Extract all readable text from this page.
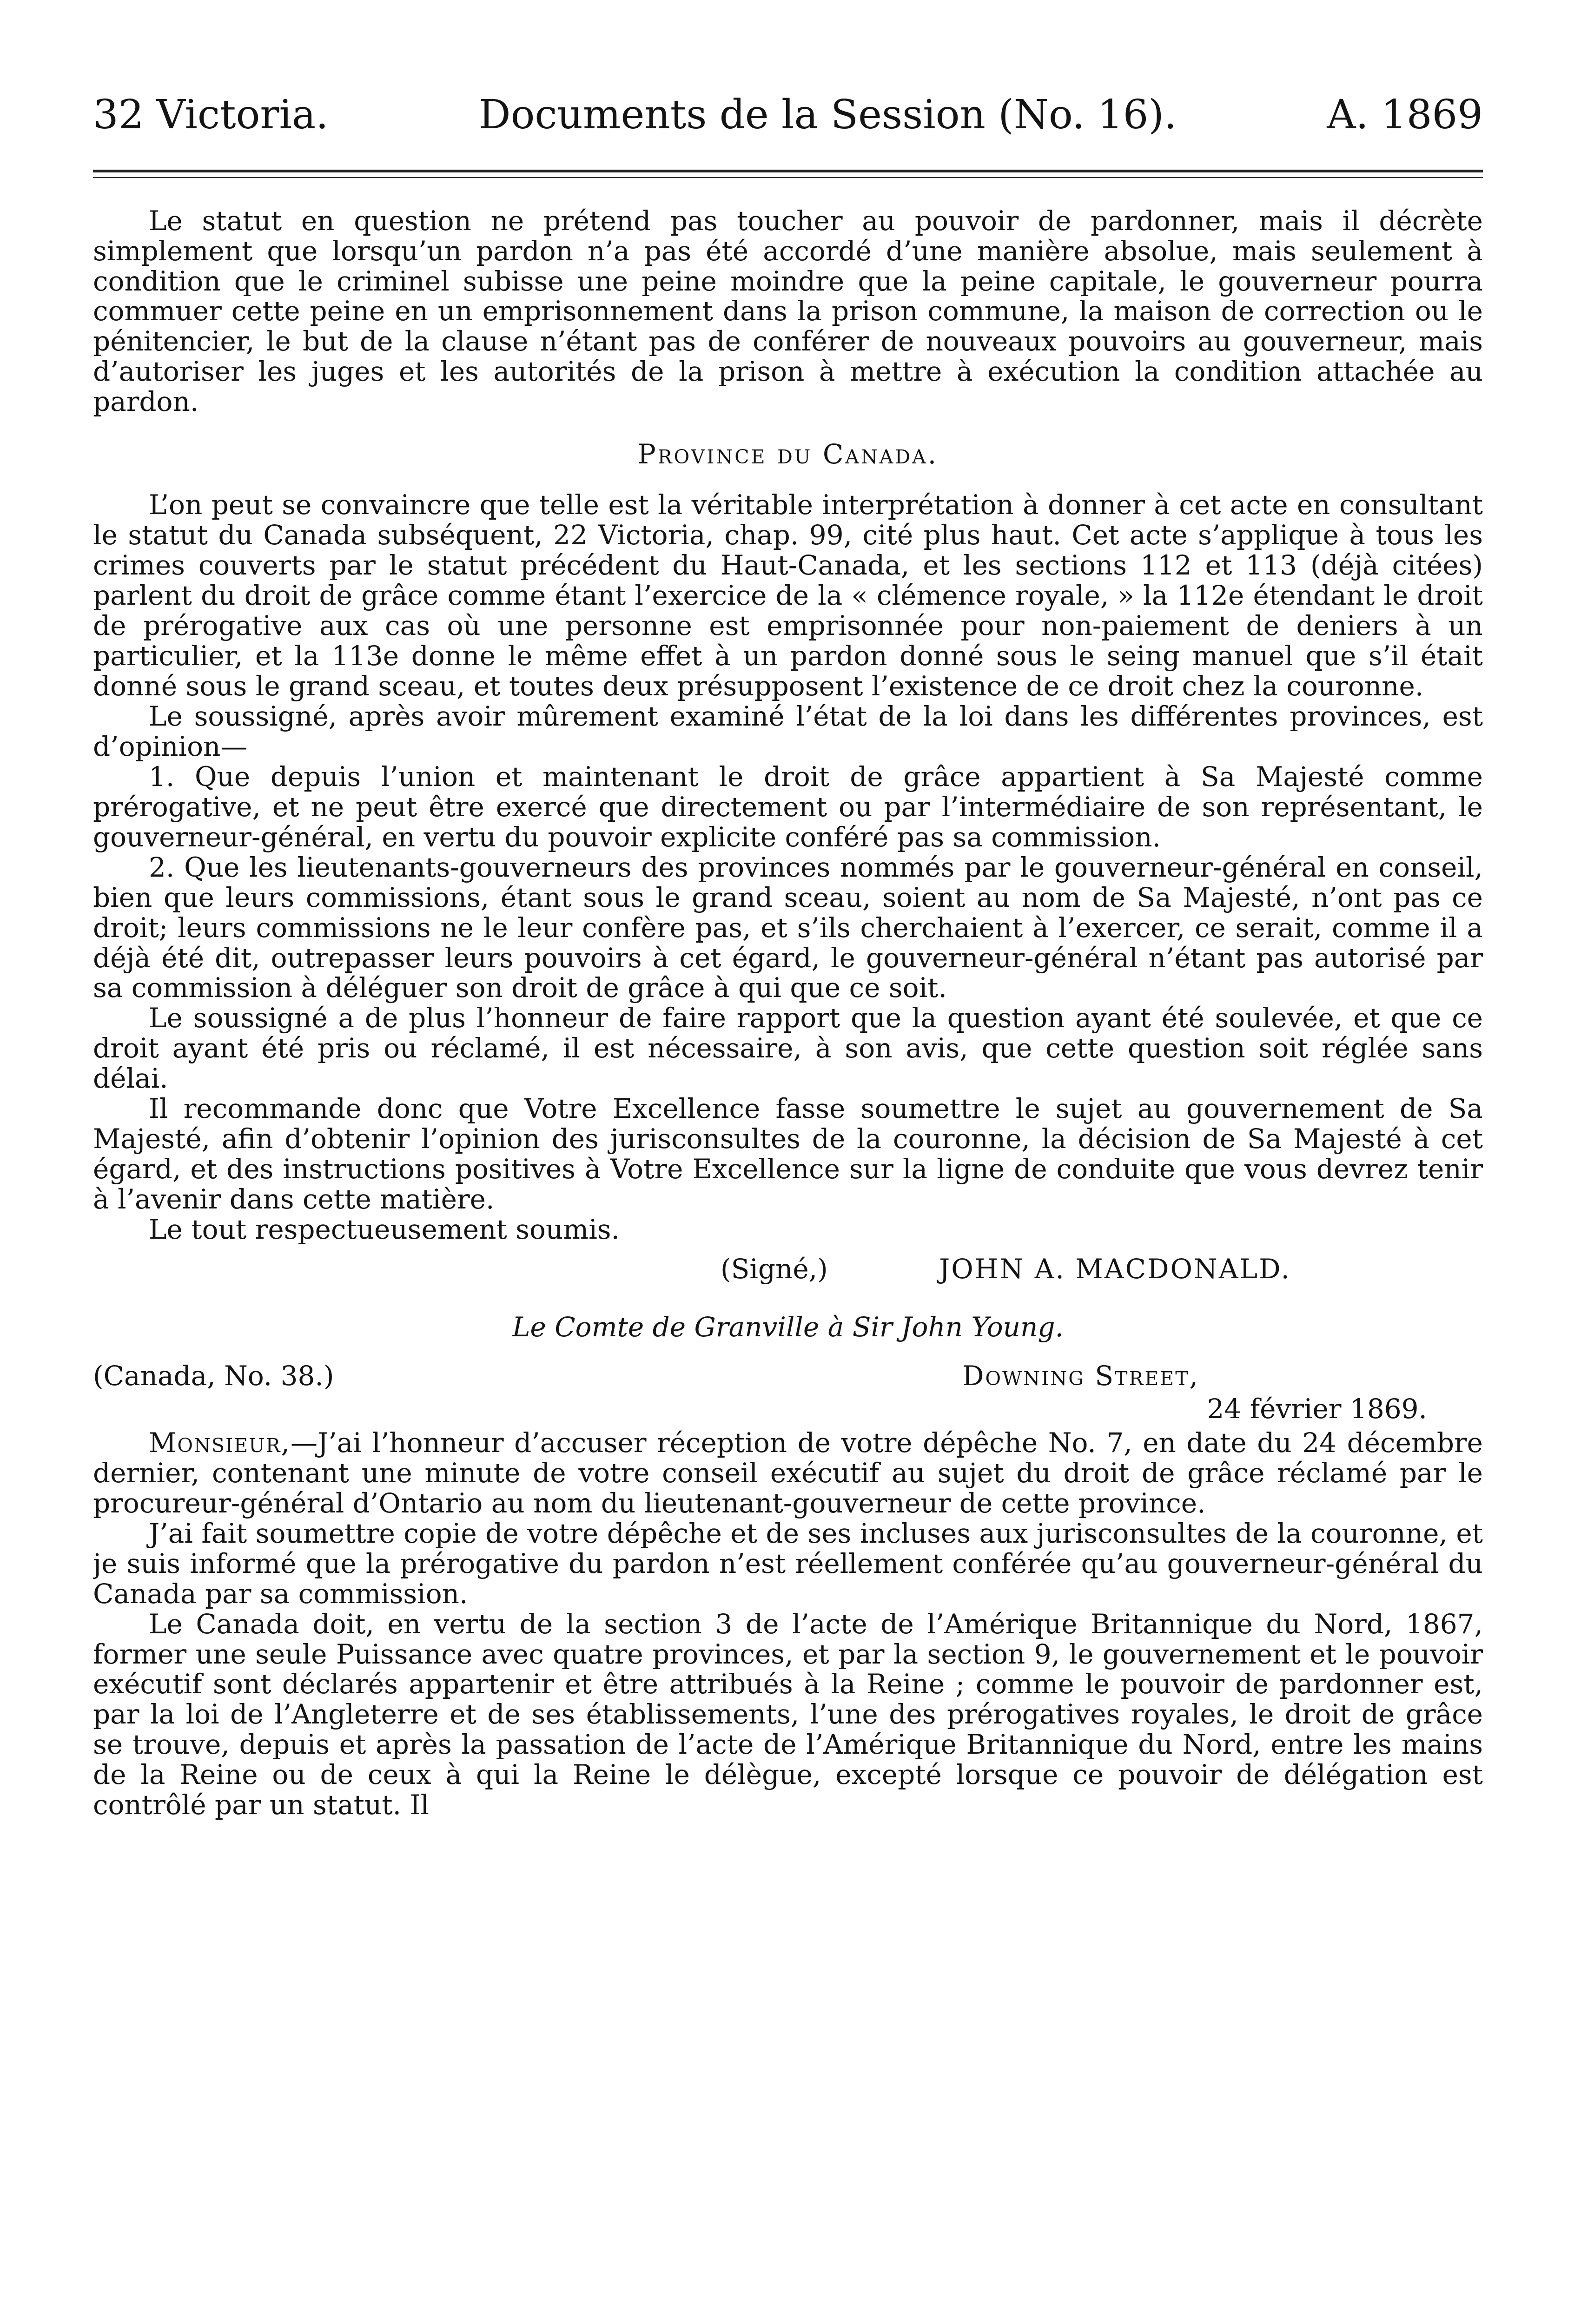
32 Victoria.	Documents de la Session (No. 16).	A. 1869

Le statut en question ne prétend pas toucher au pouvoir de pardonner, mais il décrète simplement que lorsqu’un pardon n’a pas été accordé d’une manière absolue, mais seulement à condition que le criminel subisse une peine moindre que la peine capitale, le gouverneur pourra commuer cette peine en un emprisonnement dans la prison commune, la maison de correction ou le pénitencier, le but de la clause n’étant pas de conférer de nouveaux pouvoirs au gouverneur, mais d’autoriser les juges et les autorités de la prison à mettre à exécution la condition attachée au pardon.

Province du Canada.

L’on peut se convaincre que telle est la véritable interprétation à donner à cet acte en consultant le statut du Canada subséquent, 22 Victoria, chap. 99, cité plus haut. Cet acte s’applique à tous les crimes couverts par le statut précédent du Haut-Canada, et les sections 112 et 113 (déjà citées) parlent du droit de grâce comme étant l’exercice de la « clémence royale, » la 112e étendant le droit de prérogative aux cas où une personne est emprisonnée pour non-paiement de deniers à un particulier, et la 113e donne le même effet à un pardon donné sous le seing manuel que s’il était donné sous le grand sceau, et toutes deux présupposent l’existence de ce droit chez la couronne.

Le soussigné, après avoir mûrement examiné l’état de la loi dans les différentes provinces, est d’opinion—

1. Que depuis l’union et maintenant le droit de grâce appartient à Sa Majesté comme prérogative, et ne peut être exercé que directement ou par l’intermédiaire de son représentant, le gouverneur-général, en vertu du pouvoir explicite conféré pas sa commission.

2. Que les lieutenants-gouverneurs des provinces nommés par le gouverneur-général en conseil, bien que leurs commissions, étant sous le grand sceau, soient au nom de Sa Majesté, n’ont pas ce droit; leurs commissions ne le leur confère pas, et s’ils cherchaient à l’exercer, ce serait, comme il a déjà été dit, outrepasser leurs pouvoirs à cet égard, le gouverneur-général n’étant pas autorisé par sa commission à déléguer son droit de grâce à qui que ce soit.

Le soussigné a de plus l’honneur de faire rapport que la question ayant été soulevée, et que ce droit ayant été pris ou réclamé, il est nécessaire, à son avis, que cette question soit réglée sans délai.

Il recommande donc que Votre Excellence fasse soumettre le sujet au gouvernement de Sa Majesté, afin d’obtenir l’opinion des jurisconsultes de la couronne, la décision de Sa Majesté à cet égard, et des instructions positives à Votre Excellence sur la ligne de conduite que vous devrez tenir à l’avenir dans cette matière.

Le tout respectueusement soumis.

(Signé,)	JOHN A. MACDONALD.
Le Comte de Granville à Sir John Young.
(Canada, No. 38.)	Downing Street,
24 février 1869.

Monsieur,—J’ai l’honneur d’accuser réception de votre dépêche No. 7, en date du 24 décembre dernier, contenant une minute de votre conseil exécutif au sujet du droit de grâce réclamé par le procureur-général d’Ontario au nom du lieutenant-gouverneur de cette province.

J’ai fait soumettre copie de votre dépêche et de ses incluses aux jurisconsultes de la couronne, et je suis informé que la prérogative du pardon n’est réellement conférée qu’au gouverneur-général du Canada par sa commission.

Le Canada doit, en vertu de la section 3 de l’acte de l’Amérique Britannique du Nord, 1867, former une seule Puissance avec quatre provinces, et par la section 9, le gouvernement et le pouvoir exécutif sont déclarés appartenir et être attribués à la Reine ; comme le pouvoir de pardonner est, par la loi de l’Angleterre et de ses établissements, l’une des prérogatives royales, le droit de grâce se trouve, depuis et après la passation de l’acte de l’Amérique Britannique du Nord, entre les mains de la Reine ou de ceux à qui la Reine le délègue, excepté lorsque ce pouvoir de délégation est contrôlé par un statut. Il
